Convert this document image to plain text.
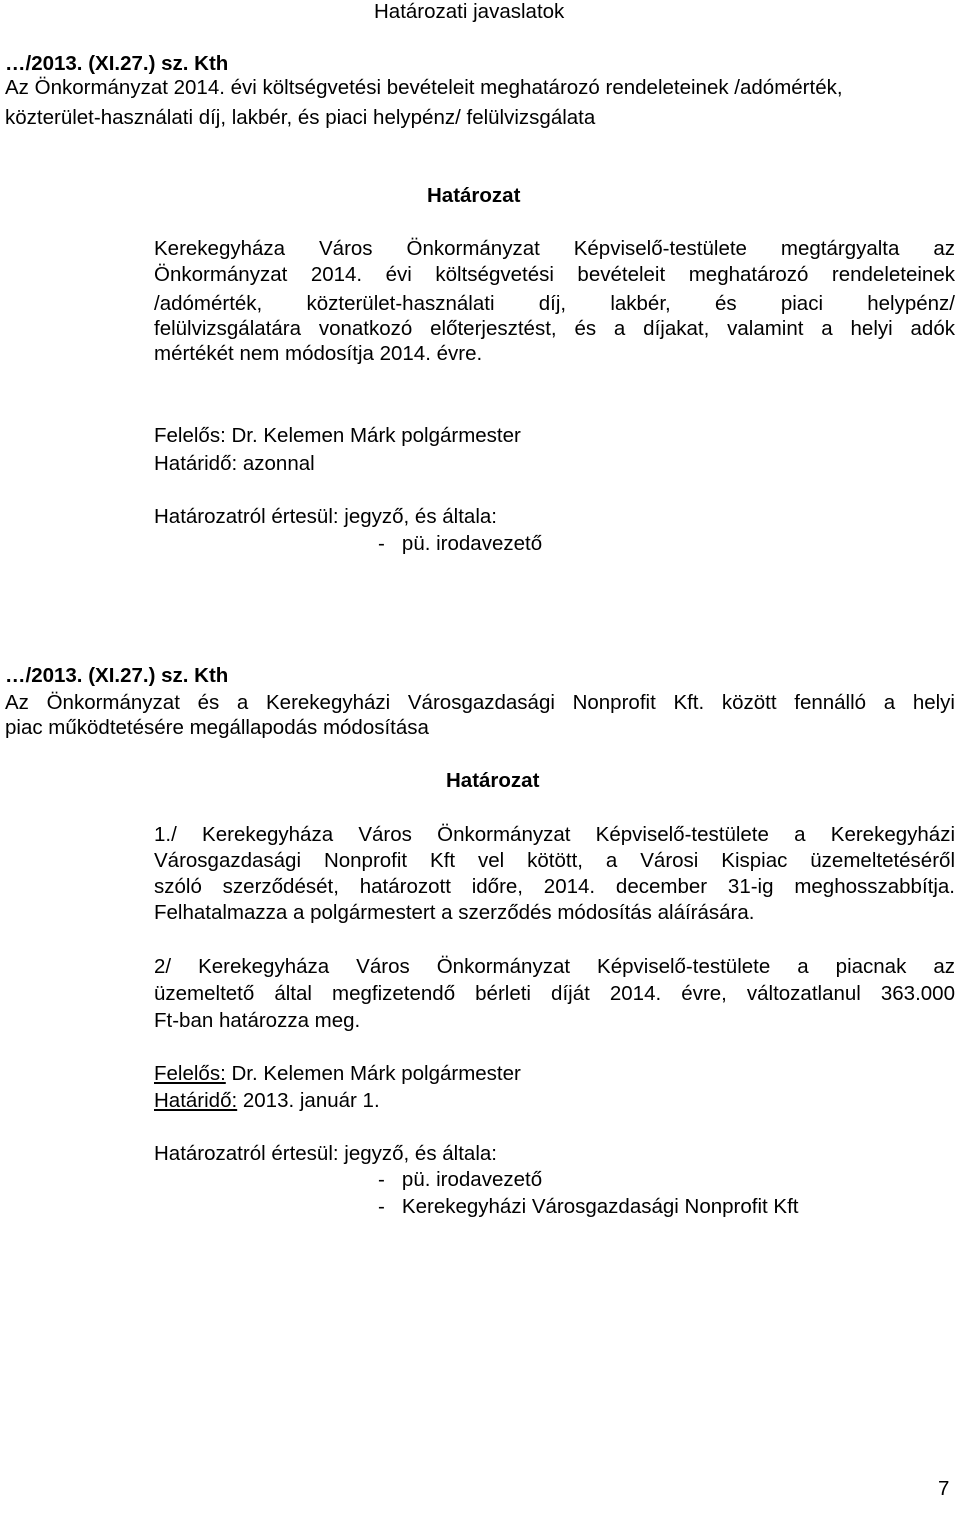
Határozati javaslatok
…/2013. (XI.27.) sz. Kth
Az Önkormányzat 2014. évi költségvetési bevételeit meghatározó rendeleteinek /adómérték,
közterület-használati díj, lakbér, és piaci helypénz/ felülvizsgálata
Határozat
Kerekegyháza Város Önkormányzat Képviselő-testülete megtárgyalta az
Önkormányzat 2014. évi költségvetési bevételeit meghatározó rendeleteinek
/adómérték, közterület-használati díj, lakbér, és piaci helypénz/
felülvizsgálatára vonatkozó előterjesztést, és a díjakat, valamint a helyi adók
mértékét nem módosítja 2014. évre.
Felelős: Dr. Kelemen Márk polgármester
Határidő: azonnal
Határozatról értesül: jegyző, és általa:
-   pü. irodavezető
…/2013. (XI.27.) sz. Kth
Az Önkormányzat és a Kerekegyházi Városgazdasági Nonprofit Kft. között fennálló a helyi
piac működtetésére megállapodás módosítása
Határozat
1./ Kerekegyháza Város Önkormányzat Képviselő-testülete a Kerekegyházi
Városgazdasági Nonprofit Kft vel kötött, a Városi Kispiac üzemeltetéséről
szóló szerződését, határozott időre, 2014. december 31-ig meghosszabbítja.
Felhatalmazza a polgármestert a szerződés módosítás aláírására.
2/ Kerekegyháza Város Önkormányzat Képviselő-testülete a piacnak az
üzemeltető által megfizetendő bérleti díját 2014. évre, változatlanul 363.000
Ft-ban határozza meg.
Felelős: Dr. Kelemen Márk polgármester
Határidő: 2013. január 1.
Határozatról értesül: jegyző, és általa:
-   pü. irodavezető
-   Kerekegyházi Városgazdasági Nonprofit Kft
7
